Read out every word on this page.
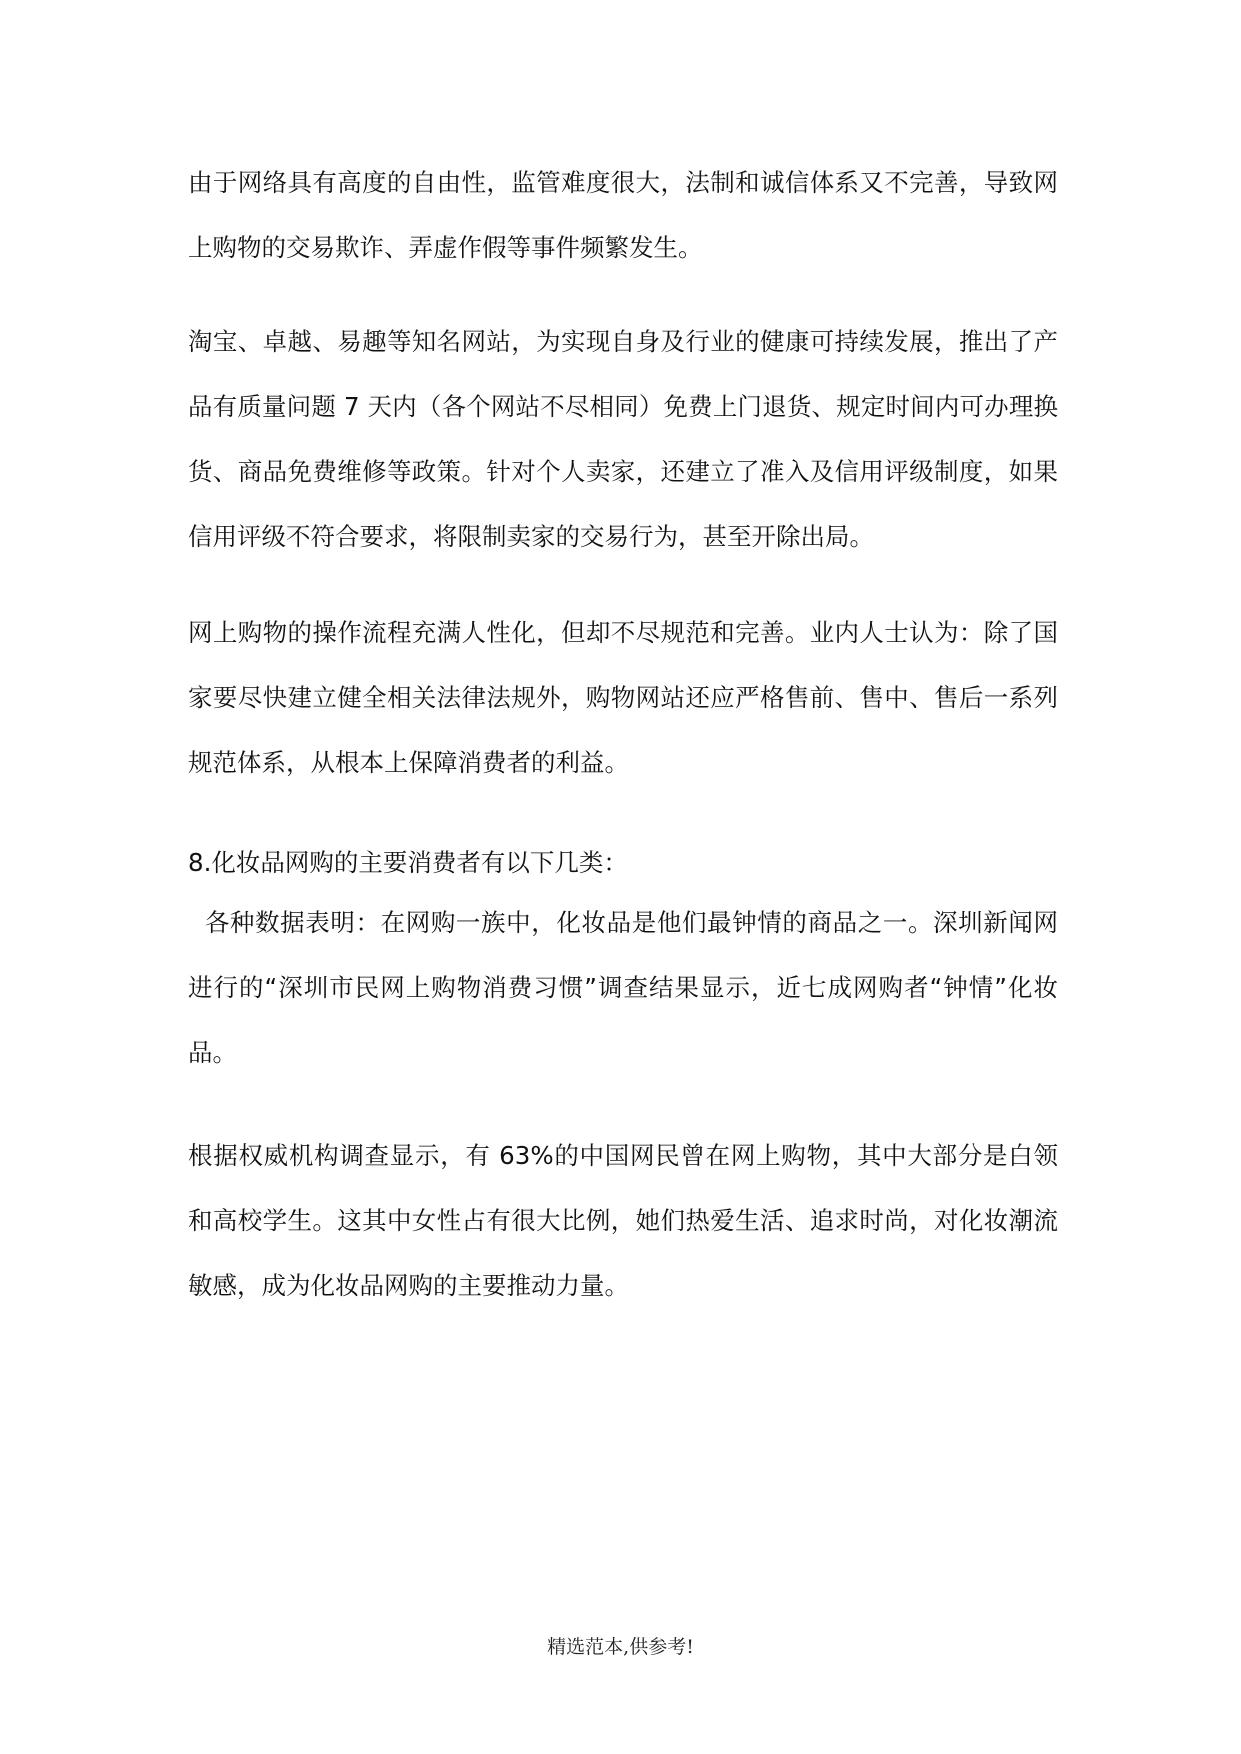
由于网络具有高度的自由性，监管难度很大，法制和诚信体系又不完善，导致网上购物的交易欺诈、弄虚作假等事件频繁发生。

淘宝、卓越、易趣等知名网站，为实现自身及行业的健康可持续发展，推出了产品有质量问题 7 天内（各个网站不尽相同）免费上门退货、规定时间内可办理换货、商品免费维修等政策。针对个人卖家，还建立了准入及信用评级制度，如果信用评级不符合要求，将限制卖家的交易行为，甚至开除出局。

网上购物的操作流程充满人性化，但却不尽规范和完善。业内人士认为：除了国家要尽快建立健全相关法律法规外，购物网站还应严格售前、售中、售后一系列规范体系，从根本上保障消费者的利益。

8.化妆品网购的主要消费者有以下几类：

各种数据表明：在网购一族中，化妆品是他们最钟情的商品之一。深圳新闻网进行的“深圳市民网上购物消费习惯”调查结果显示，近七成网购者“钟情”化妆品。

根据权威机构调查显示，有 63%的中国网民曾在网上购物，其中大部分是白领和高校学生。这其中女性占有很大比例，她们热爱生活、追求时尚，对化妆潮流敏感，成为化妆品网购的主要推动力量。

精选范本,供参考!
